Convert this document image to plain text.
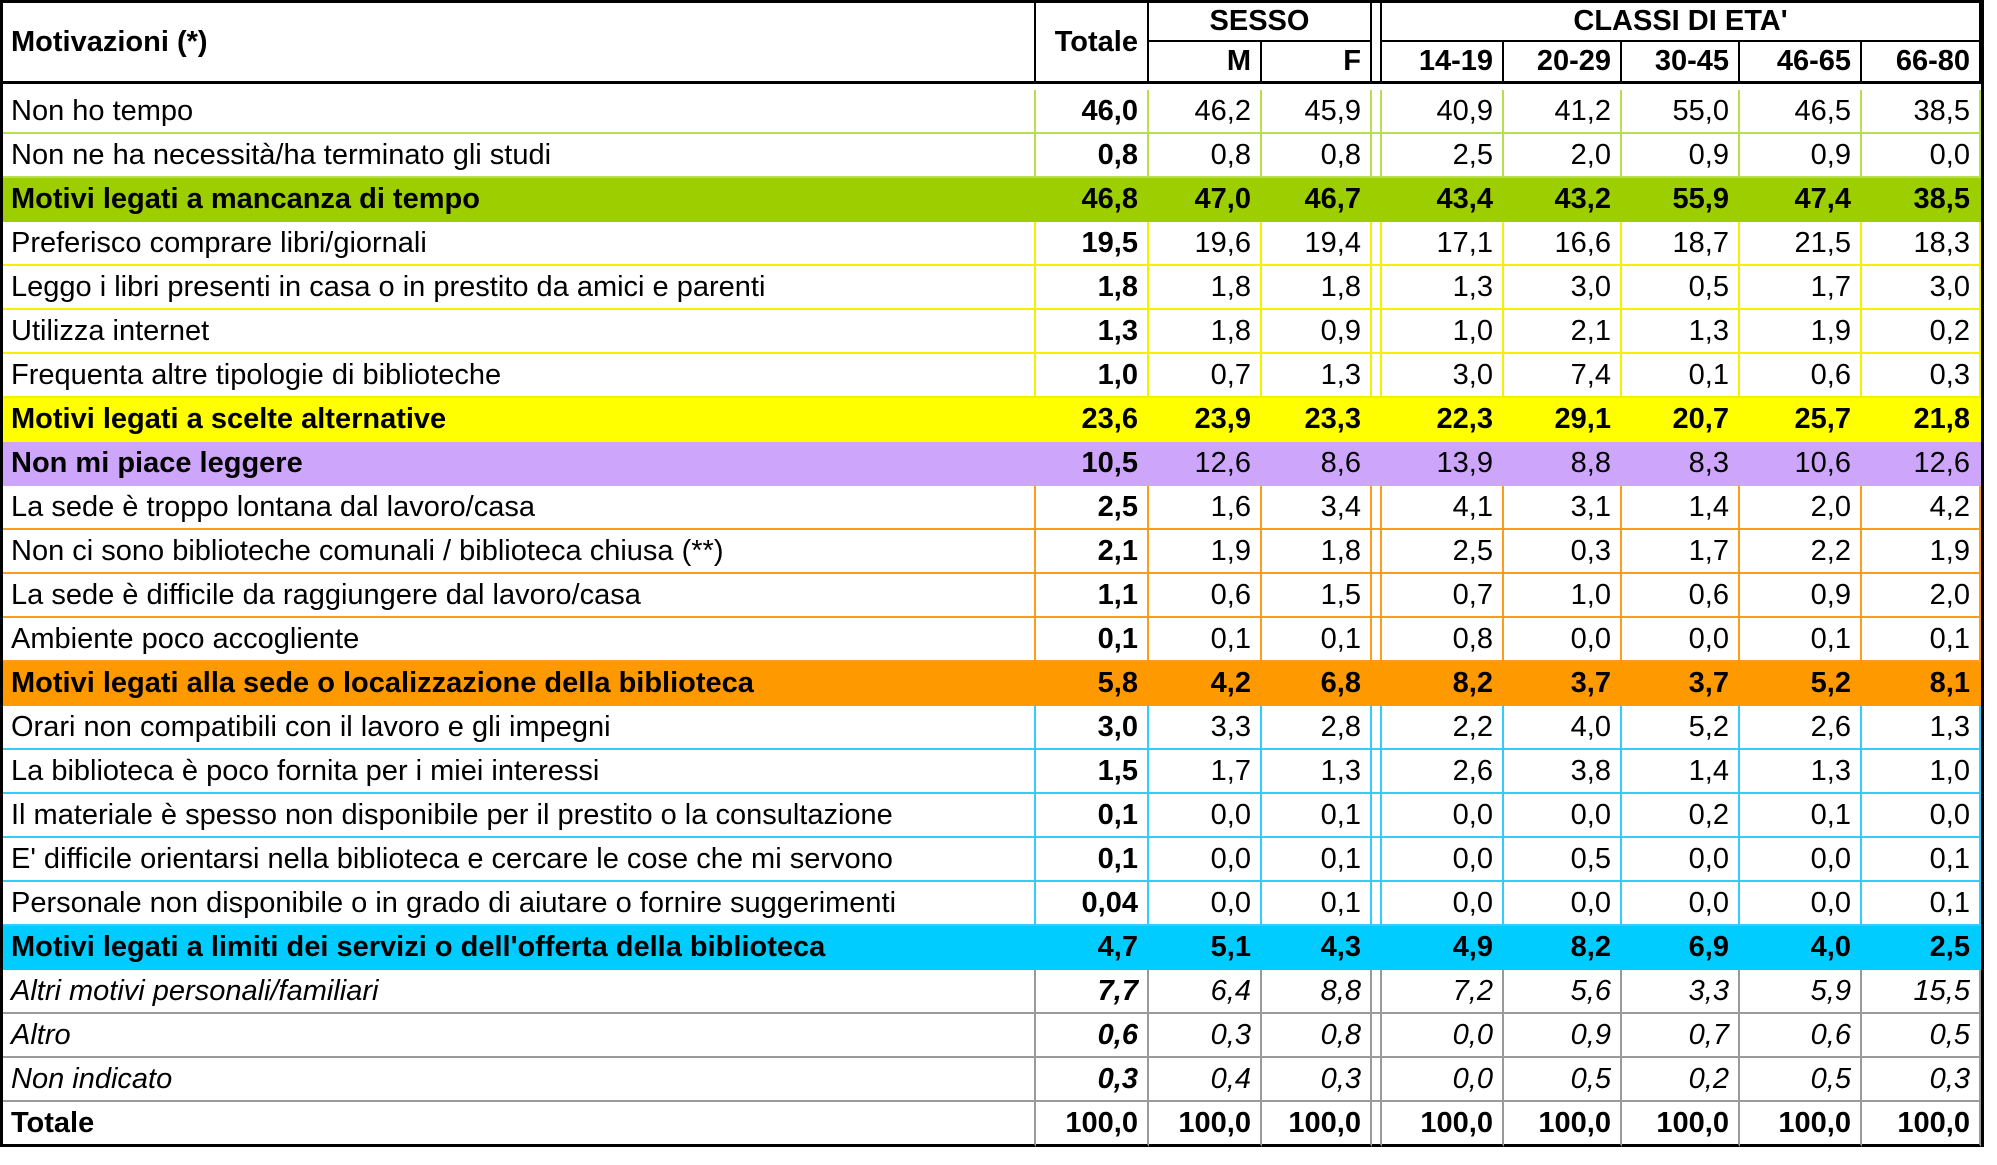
Motivazioni (*)	Totale	SESSO			CLASSI DI ETA'				
		M	F		14-19	20-29	30-45	46-65	66-80

Non ho tempo	46,0	46,2	45,9		40,9	41,2	55,0	46,5	38,5
Non ne ha necessità/ha terminato gli studi	0,8	0,8	0,8		2,5	2,0	0,9	0,9	0,0
Motivi legati a mancanza di tempo	46,8	47,0	46,7		43,4	43,2	55,9	47,4	38,5
Preferisco comprare libri/giornali	19,5	19,6	19,4		17,1	16,6	18,7	21,5	18,3
Leggo i libri presenti in casa o in prestito da amici e parenti	1,8	1,8	1,8		1,3	3,0	0,5	1,7	3,0
Utilizza internet	1,3	1,8	0,9		1,0	2,1	1,3	1,9	0,2
Frequenta altre tipologie di biblioteche	1,0	0,7	1,3		3,0	7,4	0,1	0,6	0,3
Motivi legati a scelte alternative	23,6	23,9	23,3		22,3	29,1	20,7	25,7	21,8
Non mi piace leggere	10,5	12,6	8,6		13,9	8,8	8,3	10,6	12,6
La sede è troppo lontana dal lavoro/casa	2,5	1,6	3,4		4,1	3,1	1,4	2,0	4,2
Non ci sono biblioteche comunali / biblioteca chiusa (**)	2,1	1,9	1,8		2,5	0,3	1,7	2,2	1,9
La sede è difficile da raggiungere dal lavoro/casa	1,1	0,6	1,5		0,7	1,0	0,6	0,9	2,0
Ambiente poco accogliente	0,1	0,1	0,1		0,8	0,0	0,0	0,1	0,1
Motivi legati alla sede o localizzazione della biblioteca	5,8	4,2	6,8		8,2	3,7	3,7	5,2	8,1
Orari non compatibili con il lavoro e gli impegni	3,0	3,3	2,8		2,2	4,0	5,2	2,6	1,3
La biblioteca è poco fornita per i miei interessi	1,5	1,7	1,3		2,6	3,8	1,4	1,3	1,0
Il materiale è spesso non disponibile per il prestito o la consultazione	0,1	0,0	0,1		0,0	0,0	0,2	0,1	0,0
E' difficile orientarsi nella biblioteca e cercare le cose che mi servono	0,1	0,0	0,1		0,0	0,5	0,0	0,0	0,1
Personale non disponibile o in grado di aiutare o fornire suggerimenti	0,04	0,0	0,1		0,0	0,0	0,0	0,0	0,1
Motivi legati a limiti dei servizi o dell'offerta della biblioteca	4,7	5,1	4,3		4,9	8,2	6,9	4,0	2,5
Altri motivi personali/familiari	7,7	6,4	8,8		7,2	5,6	3,3	5,9	15,5
Altro	0,6	0,3	0,8		0,0	0,9	0,7	0,6	0,5
Non indicato	0,3	0,4	0,3		0,0	0,5	0,2	0,5	0,3
Totale	100,0	100,0	100,0		100,0	100,0	100,0	100,0	100,0
